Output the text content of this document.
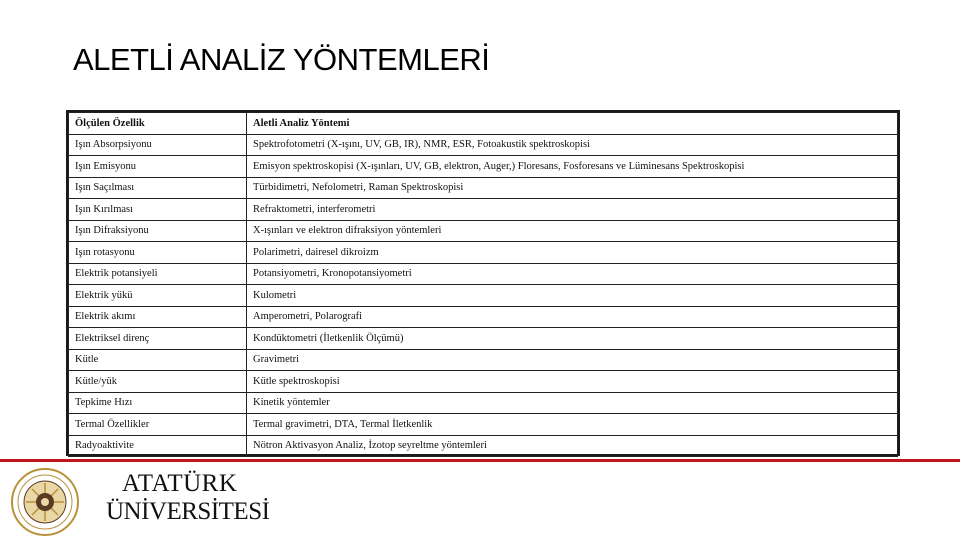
ALETLİ ANALİZ YÖNTEMLERİ
Ölçülen Özellik	Aletli Analiz Yöntemi
Işın Absorpsiyonu	Spektrofotometri (X-ışını, UV, GB, IR), NMR, ESR, Fotoakustik spektroskopisi
Işın Emisyonu	Emisyon spektroskopisi (X-ışınları, UV, GB, elektron, Auger,) Floresans, Fosforesans ve Lüminesans Spektroskopisi
Işın Saçılması	Türbidimetri, Nefolometri, Raman Spektroskopisi
Işın Kırılması	Refraktometri, interferometri
Işın Difraksiyonu	X-ışınları ve elektron difraksiyon yöntemleri
Işın rotasyonu	Polarimetri, dairesel dikroizm
Elektrik potansiyeli	Potansiyometri, Kronopotansiyometri
Elektrik yükü	Kulometri
Elektrik akımı	Amperometri, Polarografi
Elektriksel direnç	Kondüktometri (İletkenlik Ölçümü)
Kütle	Gravimetri
Kütle/yük	Kütle spektroskopisi
Tepkime Hızı	Kinetik yöntemler
Termal Özellikler	Termal gravimetri, DTA, Termal İletkenlik
Radyoaktivite	Nötron Aktivasyon Analiz, İzotop seyreltme yöntemleri
ATATÜRK
ÜNİVERSİTESİ
